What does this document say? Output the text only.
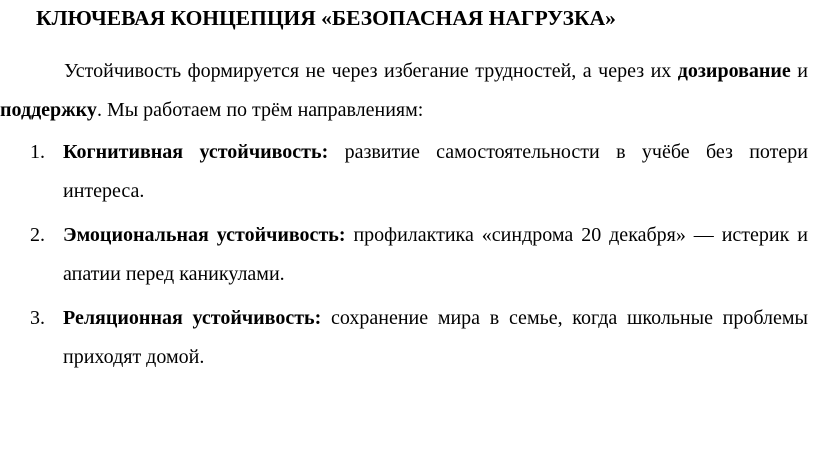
КЛЮЧЕВАЯ КОНЦЕПЦИЯ «БЕЗОПАСНАЯ НАГРУЗКА»

Устойчивость формируется не через избегание трудностей, а через их дозирование и поддержку. Мы работаем по трём направлениям:

1. Когнитивная устойчивость: развитие самостоятельности в учёбе без потери интереса.
2. Эмоциональная устойчивость: профилактика «синдрома 20 декабря» — истерик и апатии перед каникулами.
3. Реляционная устойчивость: сохранение мира в семье, когда школьные проблемы приходят домой.
